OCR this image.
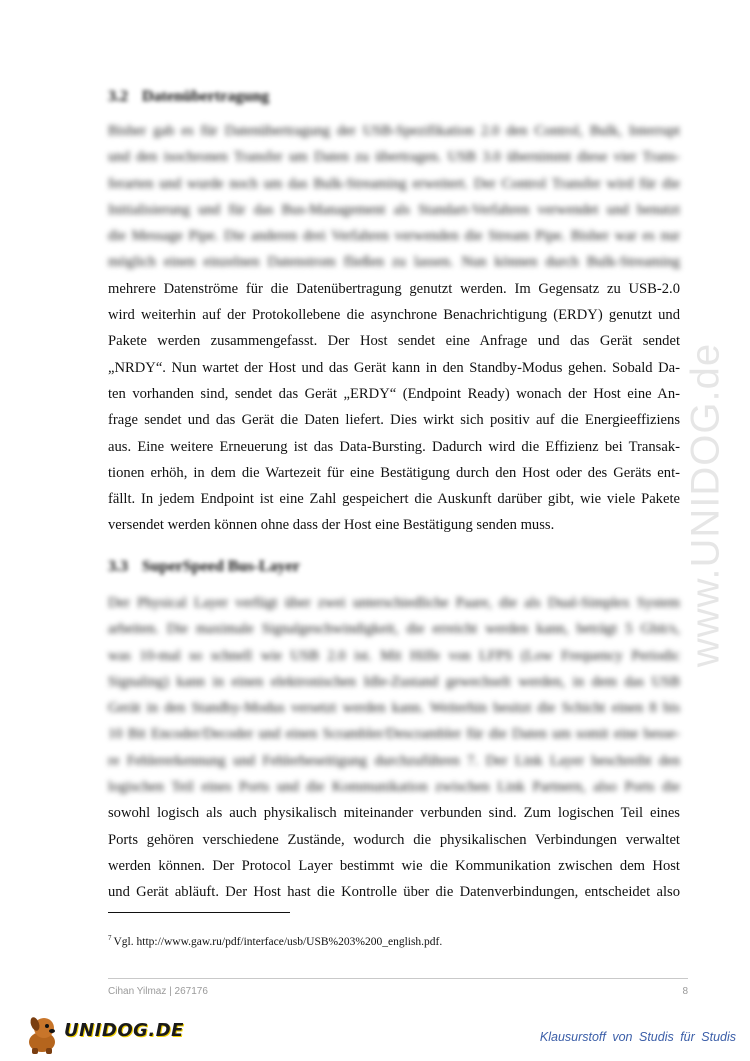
www.UNIDOG.de
3.2 Datenübertragung
Bisher gab es für Datenübertragung der USB-Spezifikation 2.0 den Control, Bulk, Interrupt
und den isochronen Transfer um Daten zu übertragen. USB 3.0 übernimmt diese vier Trans-
ferarten und wurde noch um das Bulk-Streaming erweitert. Der Control Transfer wird für die
Initialisierung und für das Bus-Management als Standart-Verfahren verwendet und benutzt
die Message Pipe. Die anderen drei Verfahren verwenden die Stream Pipe. Bisher war es nur
möglich einen einzelnen Datenstrom fließen zu lassen. Nun können durch Bulk-Streaming
mehrere Datenströme für die Datenübertragung genutzt werden. Im Gegensatz zu USB-2.0
wird weiterhin auf der Protokollebene die asynchrone Benachrichtigung (ERDY) genutzt und
Pakete werden zusammengefasst. Der Host sendet eine Anfrage und das Gerät sendet
„NRDY“. Nun wartet der Host und das Gerät kann in den Standby-Modus gehen. Sobald Da-
ten vorhanden sind, sendet das Gerät „ERDY“ (Endpoint Ready) wonach der Host eine An-
frage sendet und das Gerät die Daten liefert. Dies wirkt sich positiv auf die Energieeffiziens
aus. Eine weitere Erneuerung ist das Data-Bursting. Dadurch wird die Effizienz bei Transak-
tionen erhöh, in dem die Wartezeit für eine Bestätigung durch den Host oder des Geräts ent-
fällt. In jedem Endpoint ist eine Zahl gespeichert die Auskunft darüber gibt, wie viele Pakete
versendet werden können ohne dass der Host eine Bestätigung senden muss.
3.3 SuperSpeed Bus-Layer
Der Physical Layer verfügt über zwei unterschiedliche Paare, die als Dual-Simplex System
arbeiten. Die maximale Signalgeschwindigkeit, die erreicht werden kann, beträgt 5 Gbit/s,
was 10-mal so schnell wie USB 2.0 ist. Mit Hilfe von LFPS (Low Frequency Periodic
Signaling) kann in einen elektronischen Idle-Zustand gewechselt werden, in dem das USB
Gerät in den Standby-Modus versetzt werden kann. Weiterhin besitzt die Schicht einen 8 bis
10 Bit Encoder/Decoder und einen Scrambler/Descrambler für die Daten um somit eine besse-
re Fehlererkennung und Fehlerbeseitigung durchzuführen 7. Der Link Layer beschreibt den
logischen Teil eines Ports und die Kommunikation zwischen Link Partnern, also Ports die
sowohl logisch als auch physikalisch miteinander verbunden sind. Zum logischen Teil eines
Ports gehören verschiedene Zustände, wodurch die physikalischen Verbindungen verwaltet
werden können. Der Protocol Layer bestimmt wie die Kommunikation zwischen dem Host
und Gerät abläuft. Der Host hast die Kontrolle über die Datenverbindungen, entscheidet also

$^7$ Vgl. http://www.gaw.ru/pdf/interface/usb/USB%203%200_english.pdf.

Cihan Yilmaz | 267176	8
UNIDOG.DE	Klausurstoff von Studis für Studis
